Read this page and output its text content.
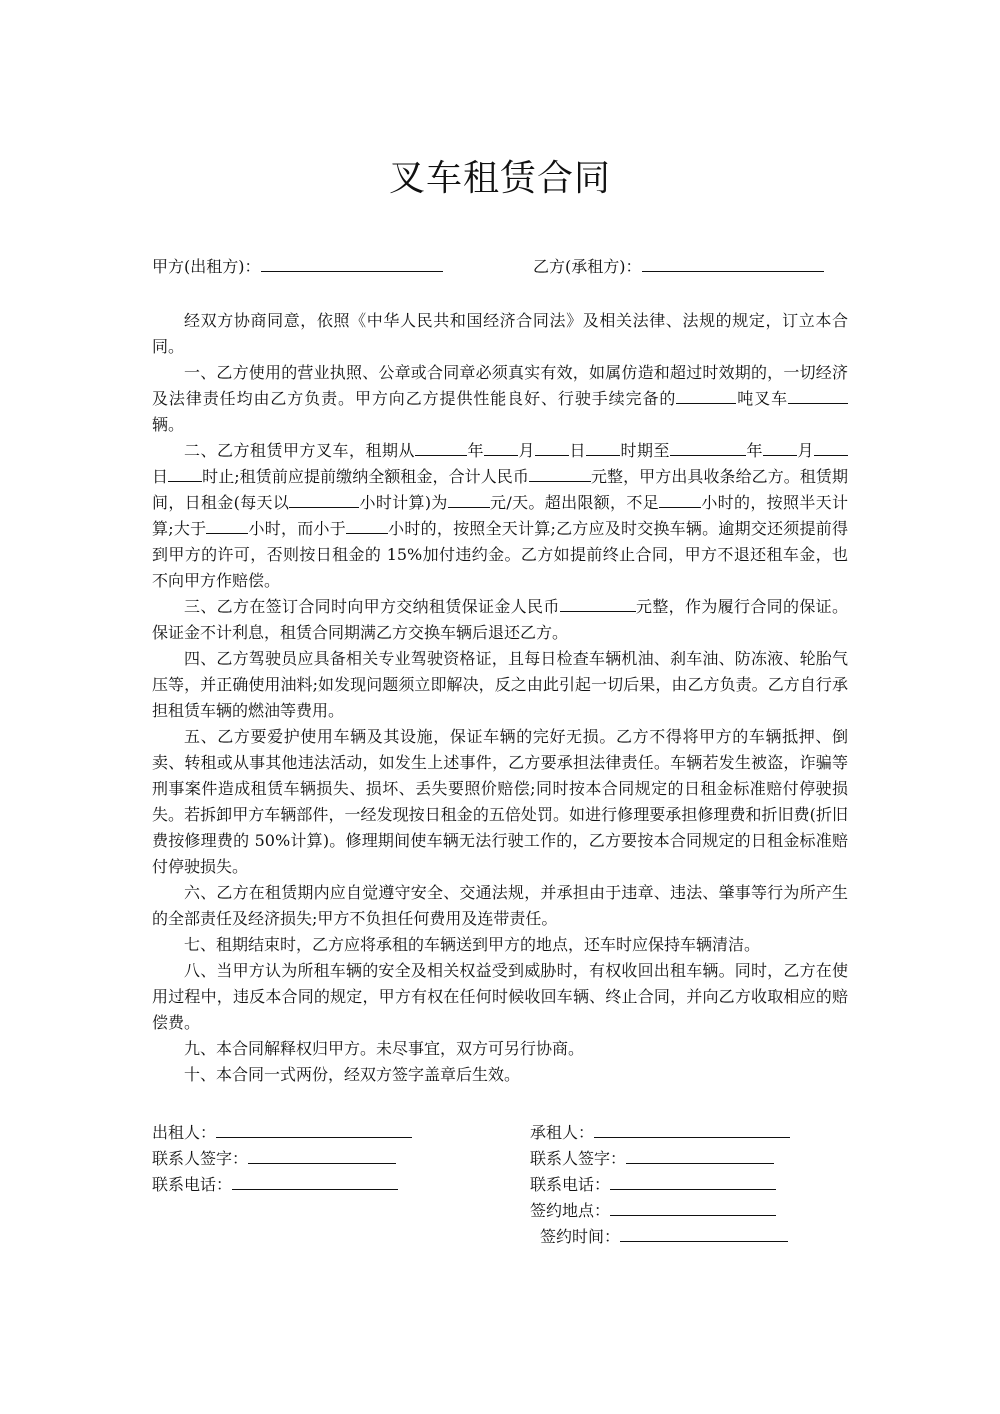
叉车租赁合同
甲方(出租方)：	乙方(承租方)：

经双方协商同意，依照《中华人民共和国经济合同法》及相关法律、法规的规定，订立本合同。

一、乙方使用的营业执照、公章或合同章必须真实有效，如属仿造和超过时效期的，一切经济及法律责任均由乙方负责。甲方向乙方提供性能良好、行驶手续完备的	吨叉车辆。

二、乙方租赁甲方叉车，租期从	年 月 日 时期至	年 月日 时止;租赁前应提前缴纳全额租金，合计人民币	元整，甲方出具收条给乙方。租赁期间，日租金(每天以	小时计算)为	元/天。超出限额，不足	小时的，按照半天计算;大于	小时，而小于	小时的，按照全天计算;乙方应及时交换车辆。逾期交还须提前得到甲方的许可，否则按日租金的 15%加付违约金。乙方如提前终止合同，甲方不退还租车金，也不向甲方作赔偿。

三、乙方在签订合同时向甲方交纳租赁保证金人民币	元整，作为履行合同的保证。保证金不计利息，租赁合同期满乙方交换车辆后退还乙方。

四、乙方驾驶员应具备相关专业驾驶资格证，且每日检查车辆机油、刹车油、防冻液、轮胎气压等，并正确使用油料;如发现问题须立即解决，反之由此引起一切后果，由乙方负责。乙方自行承担租赁车辆的燃油等费用。

五、乙方要爱护使用车辆及其设施，保证车辆的完好无损。乙方不得将甲方的车辆抵押、倒卖、转租或从事其他违法活动，如发生上述事件，乙方要承担法律责任。车辆若发生被盗，诈骗等刑事案件造成租赁车辆损失、损坏、丢失要照价赔偿;同时按本合同规定的日租金标准赔付停驶损失。若拆卸甲方车辆部件，一经发现按日租金的五倍处罚。如进行修理要承担修理费和折旧费(折旧费按修理费的 50%计算)。修理期间使车辆无法行驶工作的，乙方要按本合同规定的日租金标准赔付停驶损失。

六、乙方在租赁期内应自觉遵守安全、交通法规，并承担由于违章、违法、肇事等行为所产生的全部责任及经济损失;甲方不负担任何费用及连带责任。

七、租期结束时，乙方应将承租的车辆送到甲方的地点，还车时应保持车辆清洁。

八、当甲方认为所租车辆的安全及相关权益受到威胁时，有权收回出租车辆。同时，乙方在使用过程中，违反本合同的规定，甲方有权在任何时候收回车辆、终止合同，并向乙方收取相应的赔偿费。

九、本合同解释权归甲方。未尽事宜，双方可另行协商。

十、本合同一式两份，经双方签字盖章后生效。

出租人：
联系人签字：
联系电话：
承租人：
联系人签字：
联系电话：
签约地点：
签约时间：
